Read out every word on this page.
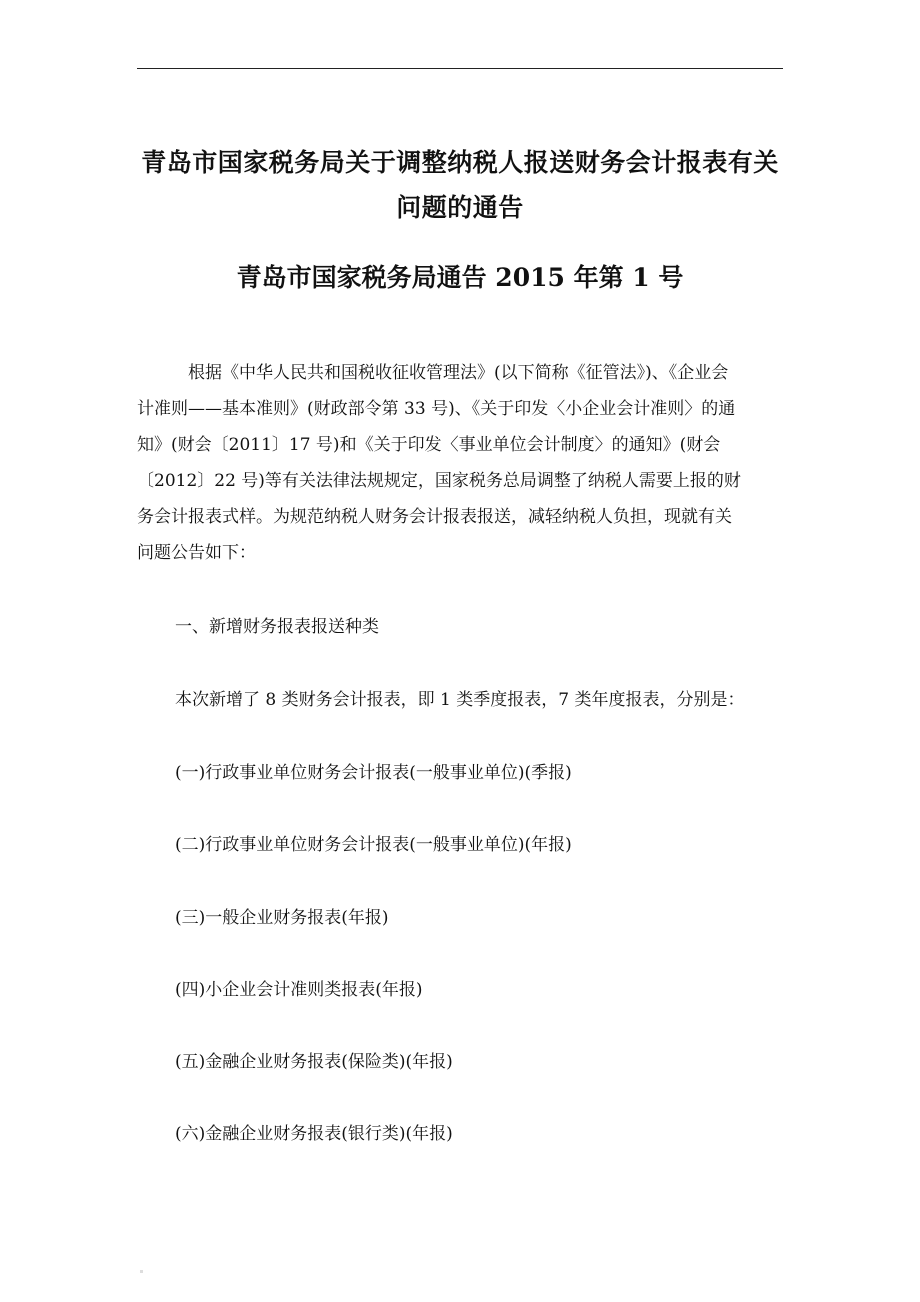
青岛市国家税务局关于调整纳税人报送财务会计报表有关
问题的通告
青岛市国家税务局通告 2015 年第 1 号

　　　根据《中华人民共和国税收征收管理法》(以下简称《征管法》)、《企业会

计准则——基本准则》(财政部令第 33 号)、《关于印发〈小企业会计准则〉的通

知》(财会〔2011〕17 号)和《关于印发〈事业单位会计制度〉的通知》(财会

〔2012〕22 号)等有关法律法规规定，国家税务总局调整了纳税人需要上报的财

务会计报表式样。为规范纳税人财务会计报表报送，减轻纳税人负担，现就有关

问题公告如下：

一、新增财务报表报送种类

本次新增了 8 类财务会计报表，即 1 类季度报表，7 类年度报表，分别是：

(一)行政事业单位财务会计报表(一般事业单位)(季报)

(二)行政事业单位财务会计报表(一般事业单位)(年报)

(三)一般企业财务报表(年报)

(四)小企业会计准则类报表(年报)

(五)金融企业财务报表(保险类)(年报)

(六)金融企业财务报表(银行类)(年报)
